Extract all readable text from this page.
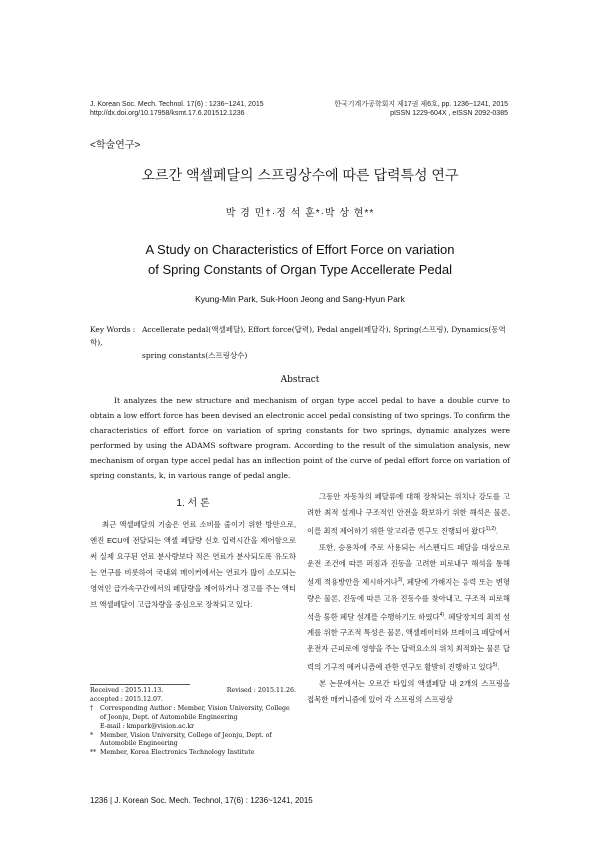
J. Korean Soc. Mech. Technol. 17(6) : 1236~1241, 2015
http://dx.doi.org/10.17958/ksmt.17.6.201512.1236
한국기계가공학회지 제17권 제6호, pp. 1236~1241, 2015
pISSN 1229-604X , eISSN 2092-0385
<학술연구>
오르간 액셀페달의 스프링상수에 따른 답력특성 연구
박 경 민†·정 석 훈*·박 상 현**
A Study on Characteristics of Effort Force on variation
of Spring Constants of Organ Type Accellerate Pedal
Kyung-Min Park, Suk-Hoon Jeong and Sang-Hyun Park
Key Words : Accellerate pedal(액셀페달), Effort force(답력), Pedal angel(페달각), Spring(스프링), Dynamics(동역학),
spring constants(스프링상수)
Abstract
It analyzes the new structure and mechanism of organ type accel pedal to have a double curve to obtain a low effort force has been devised an electronic accel pedal consisting of two springs. To confirm the characteristics of effort force on variation of spring constants for two springs, dynamic analyzes were performed by using the ADAMS software program. According to the result of the simulation analysis, new mechanism of organ type accel pedal has an inflection point of the curve of pedal effort force on variation of spring constants, k, in various range of pedal angle.
1. 서 론

최근 액셀페달의 기술은 연료 소비를 줄이기 위한 방안으로, 엔진 ECU에 전달되는 액셀 페달량 신호 입력시간을 제어함으로써 실제 요구된 연료 분사량보다 적은 연료가 분사되도록 유도하는 연구를 비롯하여 국내외 메이커에서는 연료가 많이 소모되는 영역인 급가속구간에서의 페달량을 제어하거나 경고를 주는 액티브 액셀페달이 고급차량을 중심으로 장착되고 있다.

그동안 자동차의 페달류에 대해 장착되는 위치나 강도를 고려한 최적 설계나 구조적인 안전을 확보하기 위한 해석은 물론, 이를 최적 제어하기 위한 알고리즘 연구도 진행되어 왔다$^{1),2)}$.

또한, 승용차에 주로 사용되는 서스펜디드 페달을 대상으로 운전 조건에 따른 퍼짐과 진동을 고려한 피로내구 해석을 통해 설계 적용방안을 제시하거나$^{3)}$, 페달에 가해지는 응력 또는 변형량은 물론, 진동에 따른 고유 진동수를 찾아내고, 구조적 피로해석을 통한 페달 설계를 수행하기도 하였다$^{4)}$. 페달장치의 최적 설계를 위한 구조적 특성은 물론, 액셀레이터와 브레이크 페달에서 운전자 근피로에 영향을 주는 답력요소의 위치 최적화는 물론 답력의 기구적 메커니즘에 관한 연구도 활발히 진행하고 있다$^{5)}$.

본 논문에서는 오르간 타입의 액셀페달 내 2개의 스프링을 접목한 메커니즘에 있어 각 스프링의 스프링상

Received : 2015.11.13.	Revised : 2015.11.26.
accepted : 2015.12.07.
† Corresponding Author : Member, Vision University, College of Jeonju, Dept. of Automobile Engineering
E-mail : kmpark@vision.ac.kr
* Member, Vision University, College of Jeonju, Dept. of Automobile Engineering
** Member, Korea Electronics Technology Institute
1236 | J. Korean Soc. Mech. Technol, 17(6) : 1236~1241, 2015
